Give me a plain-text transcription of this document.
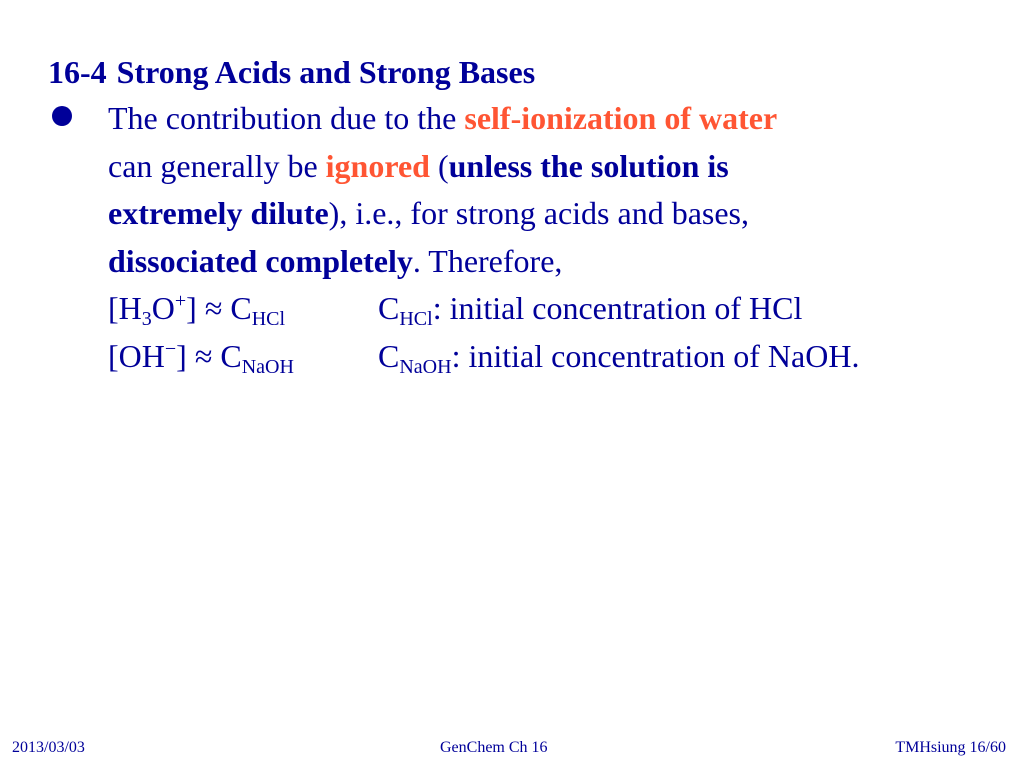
16-4 Strong Acids and Strong Bases
The contribution due to the self-ionization of water
can generally be ignored (unless the solution is
extremely dilute), i.e., for strong acids and bases,
dissociated completely. Therefore,
$[H_3O^+] \approx C_{HCl}$	$C_{HCl}$: initial concentration of HCl
$[OH^-] \approx C_{NaOH}$	$C_{NaOH}$: initial concentration of NaOH.
2013/03/03	GenChem Ch 16	TMHsiung 16/60
